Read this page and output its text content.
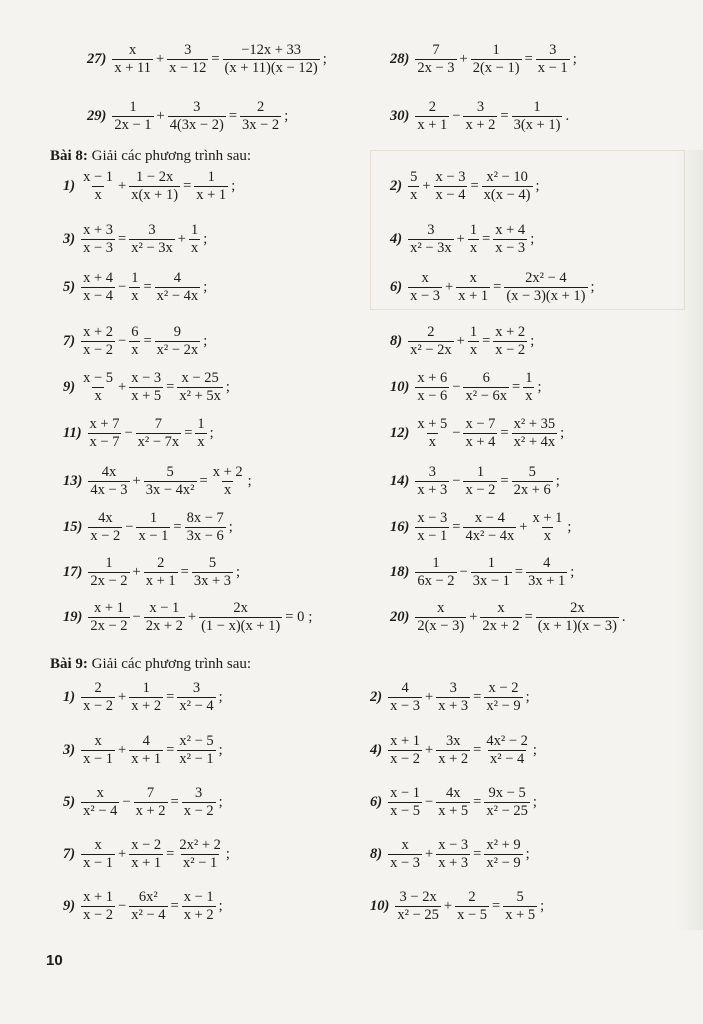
Bài 8: Giải các phương trình sau:
Bài 9: Giải các phương trình sau:
$27) \frac{x}{x + 11} + \frac{3}{x - 12} = \frac{-12x + 33}{(x + 11)(x - 12)}$ ;	$28) \frac{7}{2x - 3} + \frac{1}{2(x - 1)} = \frac{3}{x - 1}$ ;
$29) \frac{1}{2x - 1} + \frac{3}{4(3x - 2)} = \frac{2}{3x - 2}$ ;	$30) \frac{2}{x + 1} - \frac{3}{x + 2} = \frac{1}{3(x + 1)}$ .
$1) \frac{x - 1}{x} + \frac{1 - 2x}{x(x + 1)} = \frac{1}{x + 1}$ ;	$2) \frac{5}{x} + \frac{x - 3}{x - 4} = \frac{\text{x² − 10}}{x(x - 4)}$ ;
$3) \frac{x + 3}{x - 3} = \frac{3}{\text{x² − 3x}} + \frac{1}{x}$ ;	$4) \frac{3}{\text{x² − 3x}} + \frac{1}{x} = \frac{x + 4}{x - 3}$ ;
$5) \frac{x + 4}{x - 4} - \frac{1}{x} = \frac{4}{\text{x² − 4x}}$ ;	$6) \frac{x}{x - 3} + \frac{x}{x + 1} = \frac{\text{2x² − 4}}{(x - 3)(x + 1)}$ ;
$7) \frac{x + 2}{x - 2} - \frac{6}{x} = \frac{9}{\text{x² − 2x}}$ ;	$8) \frac{2}{\text{x² − 2x}} + \frac{1}{x} = \frac{x + 2}{x - 2}$ ;
$9) \frac{x - 5}{x} + \frac{x - 3}{x + 5} = \frac{x - 25}{\text{x² + 5x}}$ ;	$10) \frac{x + 6}{x - 6} - \frac{6}{\text{x² − 6x}} = \frac{1}{x}$ ;
$11) \frac{x + 7}{x - 7} - \frac{7}{\text{x² − 7x}} = \frac{1}{x}$ ;	$12) \frac{x + 5}{x} - \frac{x - 7}{x + 4} = \frac{\text{x² + 35}}{\text{x² + 4x}}$ ;
$13) \frac{4x}{4x - 3} + \frac{5}{\text{3x − 4x²}} = \frac{x + 2}{x}$ ;	$14) \frac{3}{x + 3} - \frac{1}{x - 2} = \frac{5}{2x + 6}$ ;
$15) \frac{4x}{x - 2} - \frac{1}{x - 1} = \frac{8x - 7}{3x - 6}$ ;	$16) \frac{x - 3}{x - 1} = \frac{x - 4}{\text{4x² − 4x}} + \frac{x + 1}{x}$ ;
$17) \frac{1}{2x - 2} + \frac{2}{x + 1} = \frac{5}{3x + 3}$ ;	$18) \frac{1}{6x - 2} - \frac{1}{3x - 1} = \frac{4}{3x + 1}$ ;
$19) \frac{x + 1}{2x - 2} - \frac{x - 1}{2x + 2} + \frac{2x}{(1 - x)(x + 1)} = 0$ ;	$20) \frac{x}{2(x - 3)} + \frac{x}{2x + 2} = \frac{2x}{(x + 1)(x - 3)}$ .
$1) \frac{2}{x - 2} + \frac{1}{x + 2} = \frac{3}{\text{x² − 4}}$ ;	$2) \frac{4}{x - 3} + \frac{3}{x + 3} = \frac{x - 2}{\text{x² − 9}}$ ;
$3) \frac{x}{x - 1} + \frac{4}{x + 1} = \frac{\text{x² − 5}}{\text{x² − 1}}$ ;	$4) \frac{x + 1}{x - 2} + \frac{3x}{x + 2} = \frac{\text{4x² − 2}}{\text{x² − 4}}$ ;
$5) \frac{x}{\text{x² − 4}} - \frac{7}{x + 2} = \frac{3}{x - 2}$ ;	$6) \frac{x - 1}{x - 5} - \frac{4x}{x + 5} = \frac{9x - 5}{\text{x² − 25}}$ ;
$7) \frac{x}{x - 1} + \frac{x - 2}{x + 1} = \frac{\text{2x² + 2}}{\text{x² − 1}}$ ;	$8) \frac{x}{x - 3} + \frac{x - 3}{x + 3} = \frac{\text{x² + 9}}{\text{x² − 9}}$ ;
$9) \frac{x + 1}{x - 2} - \frac{\text{6x²}}{\text{x² − 4}} = \frac{x - 1}{x + 2}$ ;	$10) \frac{3 - 2x}{\text{x² − 25}} + \frac{2}{x - 5} = \frac{5}{x + 5}$ ;
10
